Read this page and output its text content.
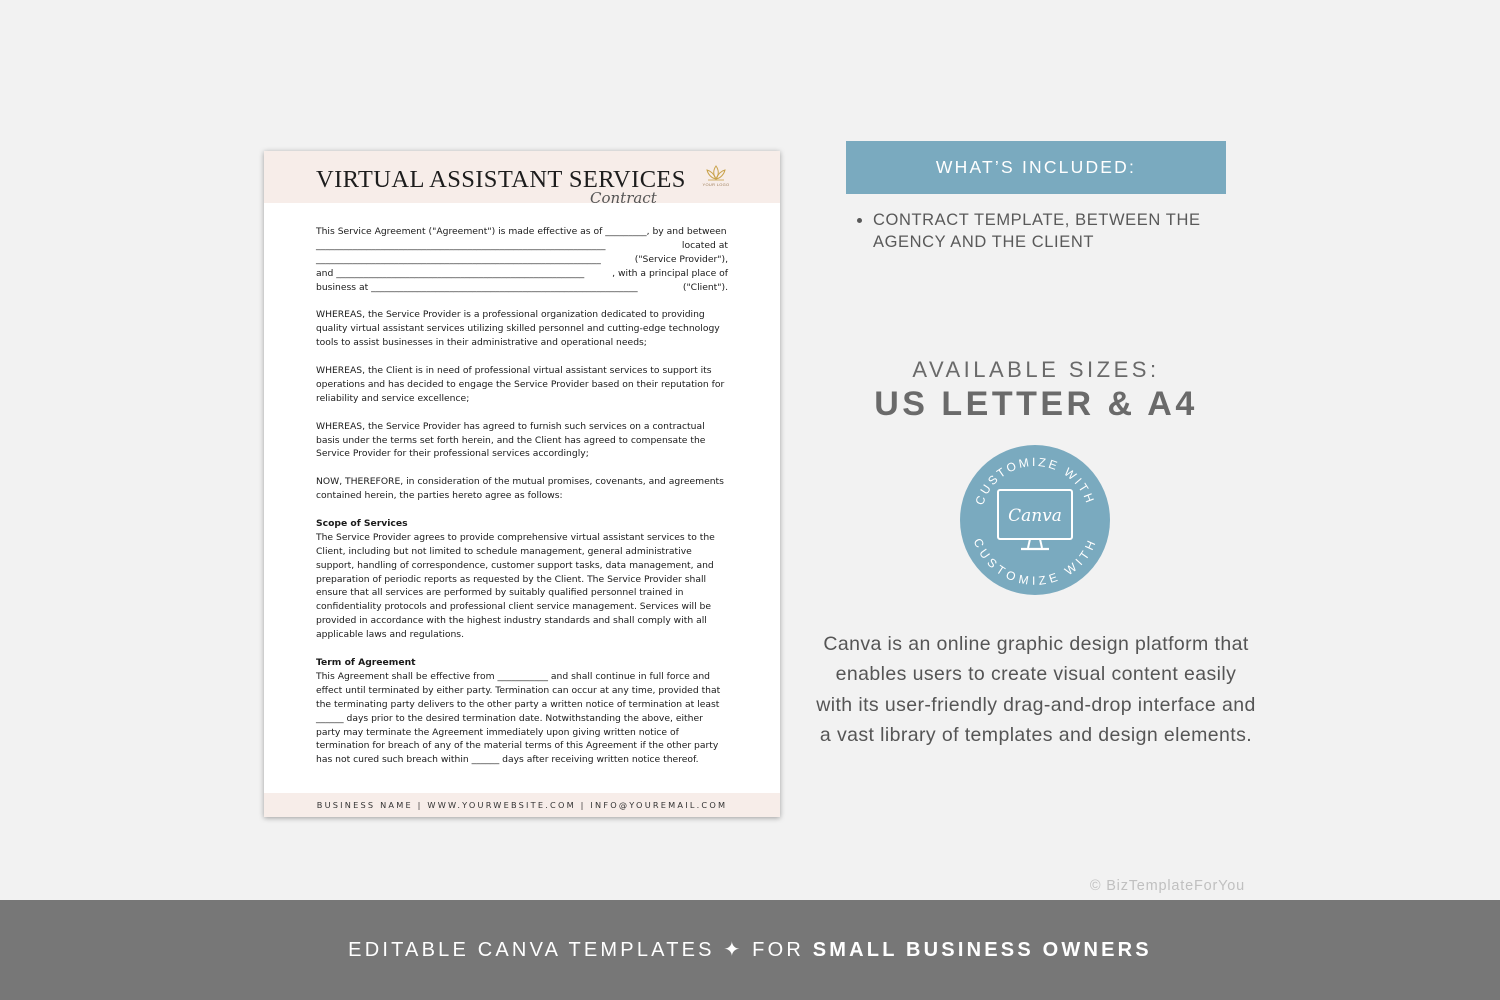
VIRTUAL ASSISTANT SERVICES
Contract
YOUR LOGO

This Service Agreement ("Agreement") is made effective as of _________, by and between
_______________________________________________________________	located at
______________________________________________________________	("Service Provider"),
and ______________________________________________________	, with a principal place of
business at __________________________________________________________	("Client").

WHEREAS, the Service Provider is a professional organization dedicated to providing quality virtual assistant services utilizing skilled personnel and cutting-edge technology tools to assist businesses in their administrative and operational needs;

WHEREAS, the Client is in need of professional virtual assistant services to support its operations and has decided to engage the Service Provider based on their reputation for reliability and service excellence;

WHEREAS, the Service Provider has agreed to furnish such services on a contractual basis under the terms set forth herein, and the Client has agreed to compensate the Service Provider for their professional services accordingly;

NOW, THEREFORE, in consideration of the mutual promises, covenants, and agreements contained herein, the parties hereto agree as follows:

Scope of Services
The Service Provider agrees to provide comprehensive virtual assistant services to the Client, including but not limited to schedule management, general administrative support, handling of correspondence, customer support tasks, data management, and preparation of periodic reports as requested by the Client. The Service Provider shall ensure that all services are performed by suitably qualified personnel trained in confidentiality protocols and professional client service management. Services will be provided in accordance with the highest industry standards and shall comply with all applicable laws and regulations.

Term of Agreement
This Agreement shall be effective from ___________ and shall continue in full force and effect until terminated by either party. Termination can occur at any time, provided that the terminating party delivers to the other party a written notice of termination at least ______ days prior to the desired termination date. Notwithstanding the above, either party may terminate the Agreement immediately upon giving written notice of termination for breach of any of the material terms of this Agreement if the other party has not cured such breach within ______ days after receiving written notice thereof.

BUSINESS NAME | WWW.YOURWEBSITE.COM | INFO@YOUREMAIL.COM
WHAT’S INCLUDED:
• CONTRACT TEMPLATE, BETWEEN THE AGENCY AND THE CLIENT
AVAILABLE SIZES:
US LETTER & A4
CUSTOMIZE WITH
CUSTOMIZE WITH
Canva
Canva is an online graphic design platform that enables users to create visual content easily with its user-friendly drag-and-drop interface and a vast library of templates and design elements.
© BizTemplateForYou
EDITABLE CANVA TEMPLATES ✦ FOR SMALL BUSINESS OWNERS
